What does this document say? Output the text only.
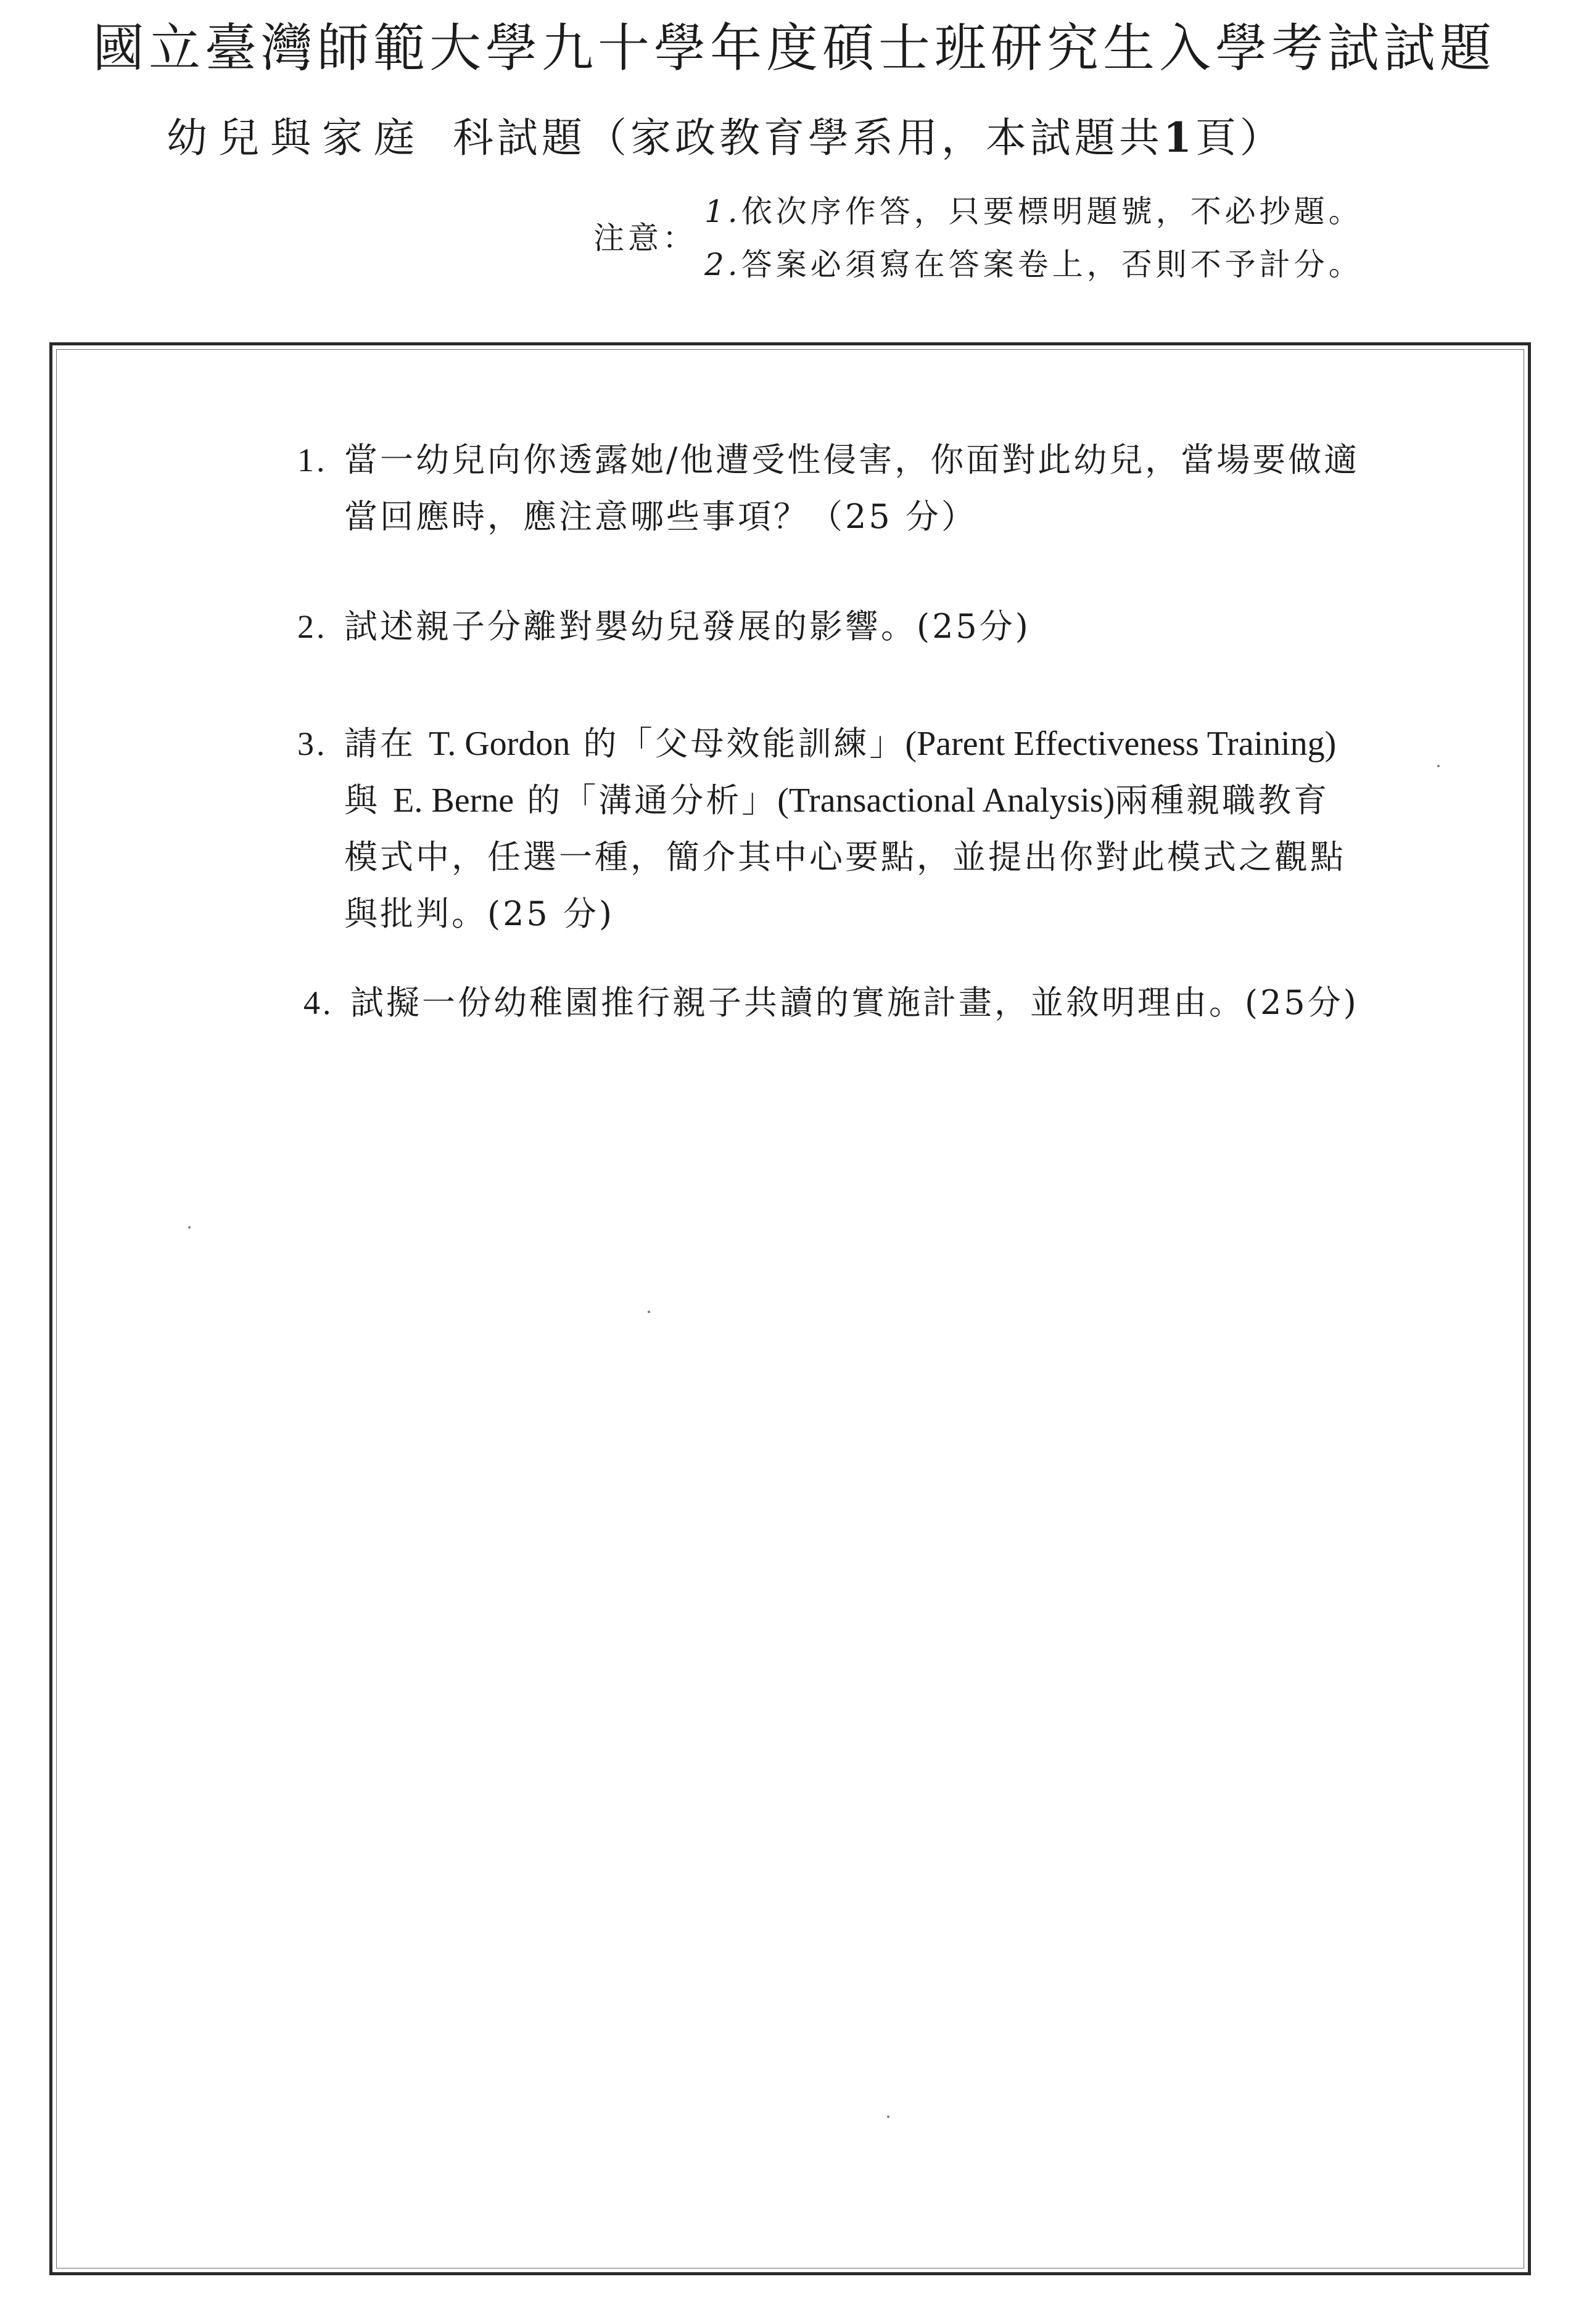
國立臺灣師範大學九十學年度碩士班研究生入學考試試題
幼兒與家庭 科試題（家政教育學系用，本試題共1頁）
注意：
1.依次序作答，只要標明題號，不必抄題。
2.答案必須寫在答案卷上，否則不予計分。
1. 當一幼兒向你透露她/他遭受性侵害，你面對此幼兒，當場要做適
當回應時，應注意哪些事項？（25 分）
2. 試述親子分離對嬰幼兒發展的影響。(25分)
3. 請在 T. Gordon 的「父母效能訓練」(Parent Effectiveness Training)
與 E. Berne 的「溝通分析」(Transactional Analysis)兩種親職教育
模式中，任選一種，簡介其中心要點，並提出你對此模式之觀點
與批判。(25 分)
4. 試擬一份幼稚園推行親子共讀的實施計畫，並敘明理由。(25分)
